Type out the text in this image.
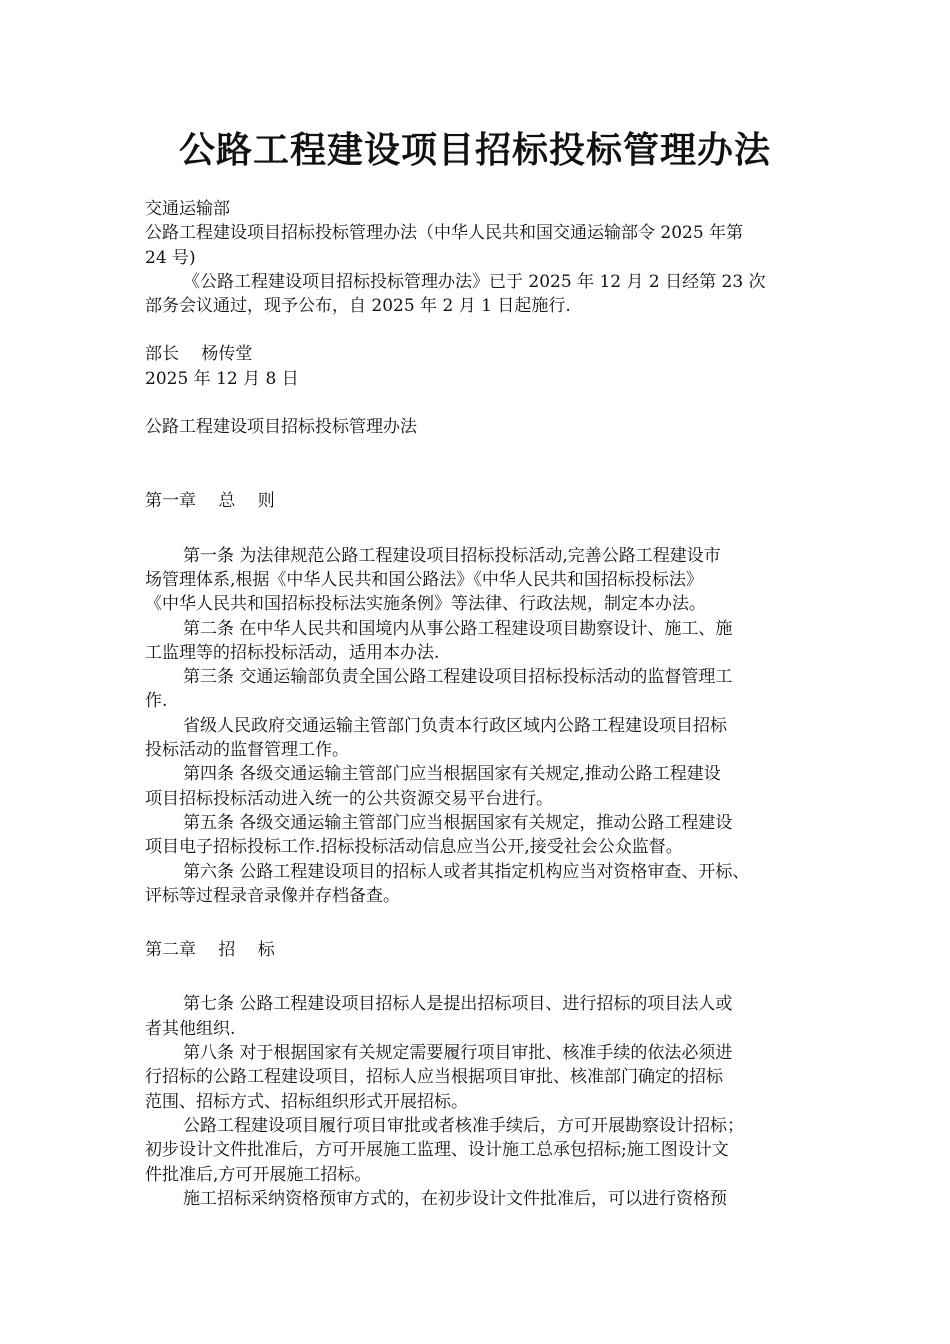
公路工程建设项目招标投标管理办法
交通运输部
公路工程建设项目招标投标管理办法（中华人民共和国交通运输部令 2025 年第
24 号)
《公路工程建设项目招标投标管理办法》已于 2025 年 12 月 2 日经第 23 次
部务会议通过，现予公布，自 2025 年 2 月 1 日起施行.
部长　 杨传堂
2025 年 12 月 8 日
公路工程建设项目招标投标管理办法
第一章　 总　 则
第一条 为法律规范公路工程建设项目招标投标活动,完善公路工程建设市
场管理体系,根据《中华人民共和国公路法》《中华人民共和国招标投标法》
《中华人民共和国招标投标法实施条例》等法律、行政法规，制定本办法。
第二条 在中华人民共和国境内从事公路工程建设项目勘察设计、施工、施
工监理等的招标投标活动，适用本办法.
第三条 交通运输部负责全国公路工程建设项目招标投标活动的监督管理工
作.
省级人民政府交通运输主管部门负责本行政区域内公路工程建设项目招标
投标活动的监督管理工作。
第四条 各级交通运输主管部门应当根据国家有关规定,推动公路工程建设
项目招标投标活动进入统一的公共资源交易平台进行。
第五条 各级交通运输主管部门应当根据国家有关规定，推动公路工程建设
项目电子招标投标工作.招标投标活动信息应当公开,接受社会公众监督。
第六条 公路工程建设项目的招标人或者其指定机构应当对资格审查、开标、
评标等过程录音录像并存档备查。
第二章　 招　 标
第七条 公路工程建设项目招标人是提出招标项目、进行招标的项目法人或
者其他组织.
第八条 对于根据国家有关规定需要履行项目审批、核准手续的依法必须进
行招标的公路工程建设项目，招标人应当根据项目审批、核准部门确定的招标
范围、招标方式、招标组织形式开展招标。
公路工程建设项目履行项目审批或者核准手续后，方可开展勘察设计招标；
初步设计文件批准后，方可开展施工监理、设计施工总承包招标;施工图设计文
件批准后,方可开展施工招标。
施工招标采纳资格预审方式的，在初步设计文件批准后，可以进行资格预
